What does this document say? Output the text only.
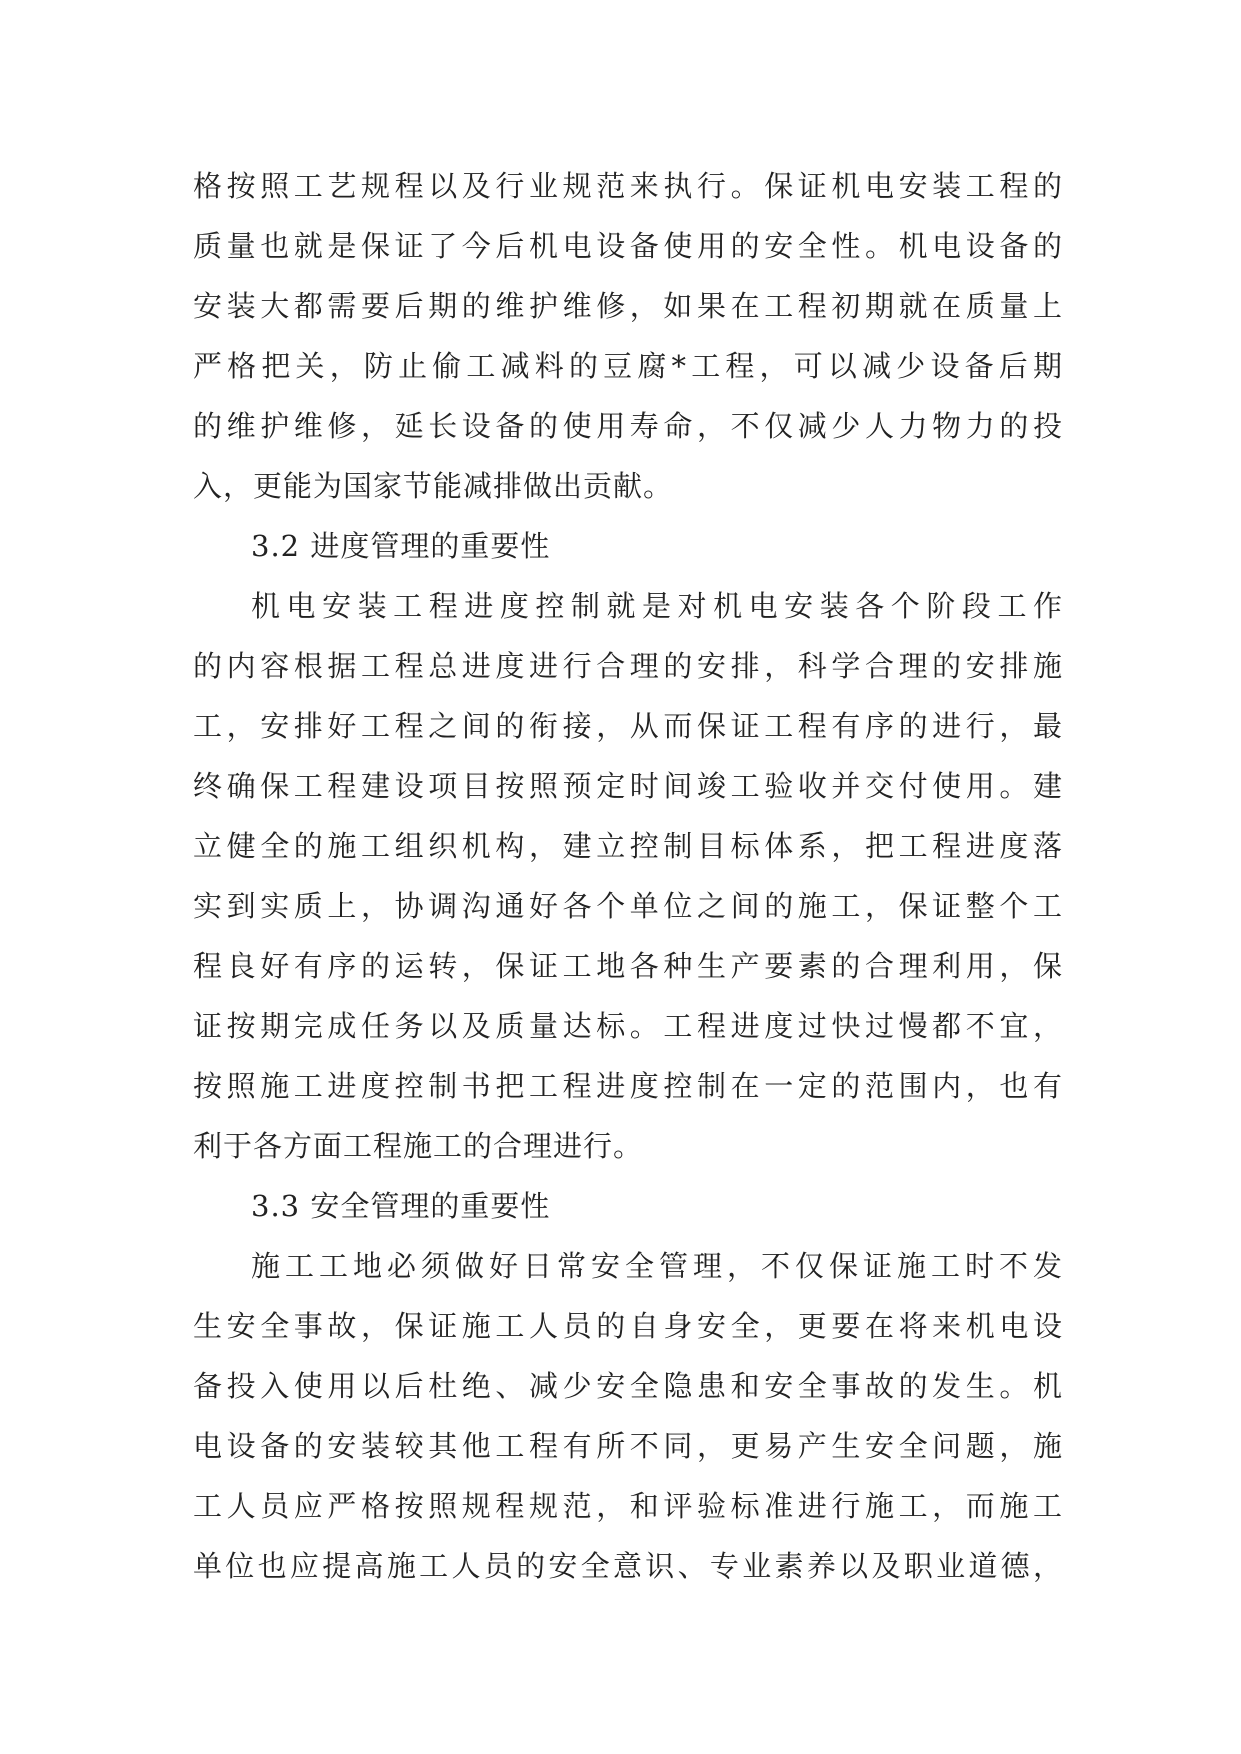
格按照工艺规程以及行业规范来执行。保证机电安装工程的
质量也就是保证了今后机电设备使用的安全性。机电设备的
安装大都需要后期的维护维修，如果在工程初期就在质量上
严格把关，防止偷工减料的豆腐*工程，可以减少设备后期
的维护维修，延长设备的使用寿命，不仅减少人力物力的投
入，更能为国家节能减排做出贡献。
3.2 进度管理的重要性
机电安装工程进度控制就是对机电安装各个阶段工作
的内容根据工程总进度进行合理的安排，科学合理的安排施
工，安排好工程之间的衔接，从而保证工程有序的进行，最
终确保工程建设项目按照预定时间竣工验收并交付使用。建
立健全的施工组织机构，建立控制目标体系，把工程进度落
实到实质上，协调沟通好各个单位之间的施工，保证整个工
程良好有序的运转，保证工地各种生产要素的合理利用，保
证按期完成任务以及质量达标。工程进度过快过慢都不宜，
按照施工进度控制书把工程进度控制在一定的范围内，也有
利于各方面工程施工的合理进行。
3.3 安全管理的重要性
施工工地必须做好日常安全管理，不仅保证施工时不发
生安全事故，保证施工人员的自身安全，更要在将来机电设
备投入使用以后杜绝、减少安全隐患和安全事故的发生。机
电设备的安装较其他工程有所不同，更易产生安全问题，施
工人员应严格按照规程规范，和评验标准进行施工，而施工
单位也应提高施工人员的安全意识、专业素养以及职业道德，
